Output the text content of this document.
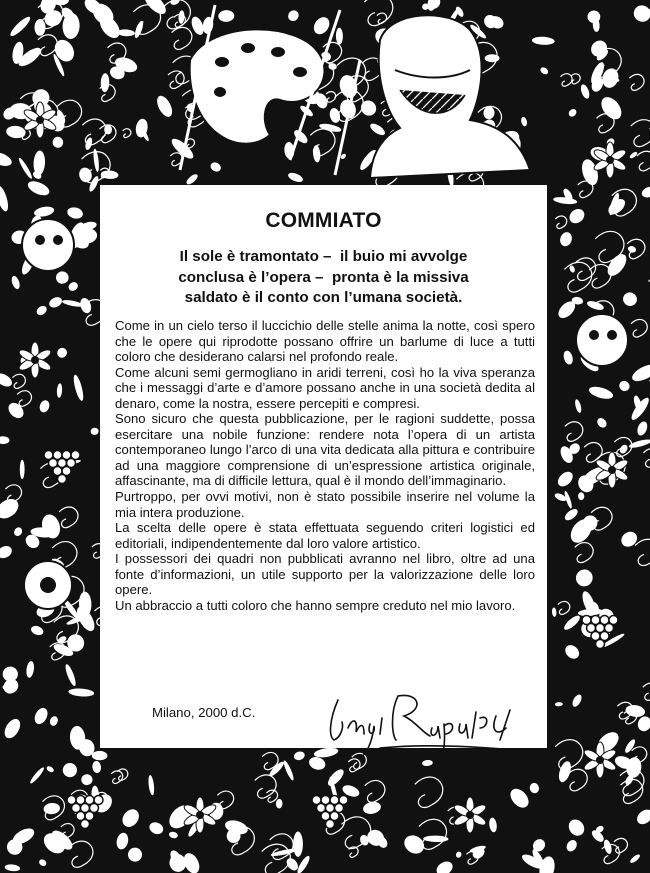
COMMIATO
Il sole è tramontato –  il buio mi avvolge
conclusa è l’opera –  pronta è la missiva
saldato è il conto con l’umana società.

Come in un cielo terso il luccichio delle stelle anima la notte, così spero che le opere qui riprodotte possano offrire un barlume di luce a tutti coloro che desiderano calarsi nel profondo reale.

Come alcuni semi germogliano in aridi terreni, così ho la viva speranza che i messaggi d’arte e d’amore possano anche in una società dedita al denaro, come la nostra, essere percepiti e compresi.

Sono sicuro che questa pubblicazione, per le ragioni suddette, possa esercitare una nobile funzione: rendere nota l’opera di un artista contemporaneo lungo l’arco di una vita dedicata alla pittura e contribuire ad una maggiore comprensione di un’espressione artistica originale, affascinante, ma di difficile lettura, qual è il mondo dell’immaginario.

Purtroppo, per ovvi motivi, non è stato possibile inserire nel volume la mia intera produzione.

La scelta delle opere è stata effettuata seguendo criteri logistici ed editoriali, indipendentemente dal loro valore artistico.

I possessori dei quadri non pubblicati avranno nel libro, oltre ad una fonte d’informazioni, un utile supporto per la valorizzazione delle loro opere.

Un abbraccio a tutti coloro che hanno sempre creduto nel mio lavoro.

Milano, 2000 d.C.
